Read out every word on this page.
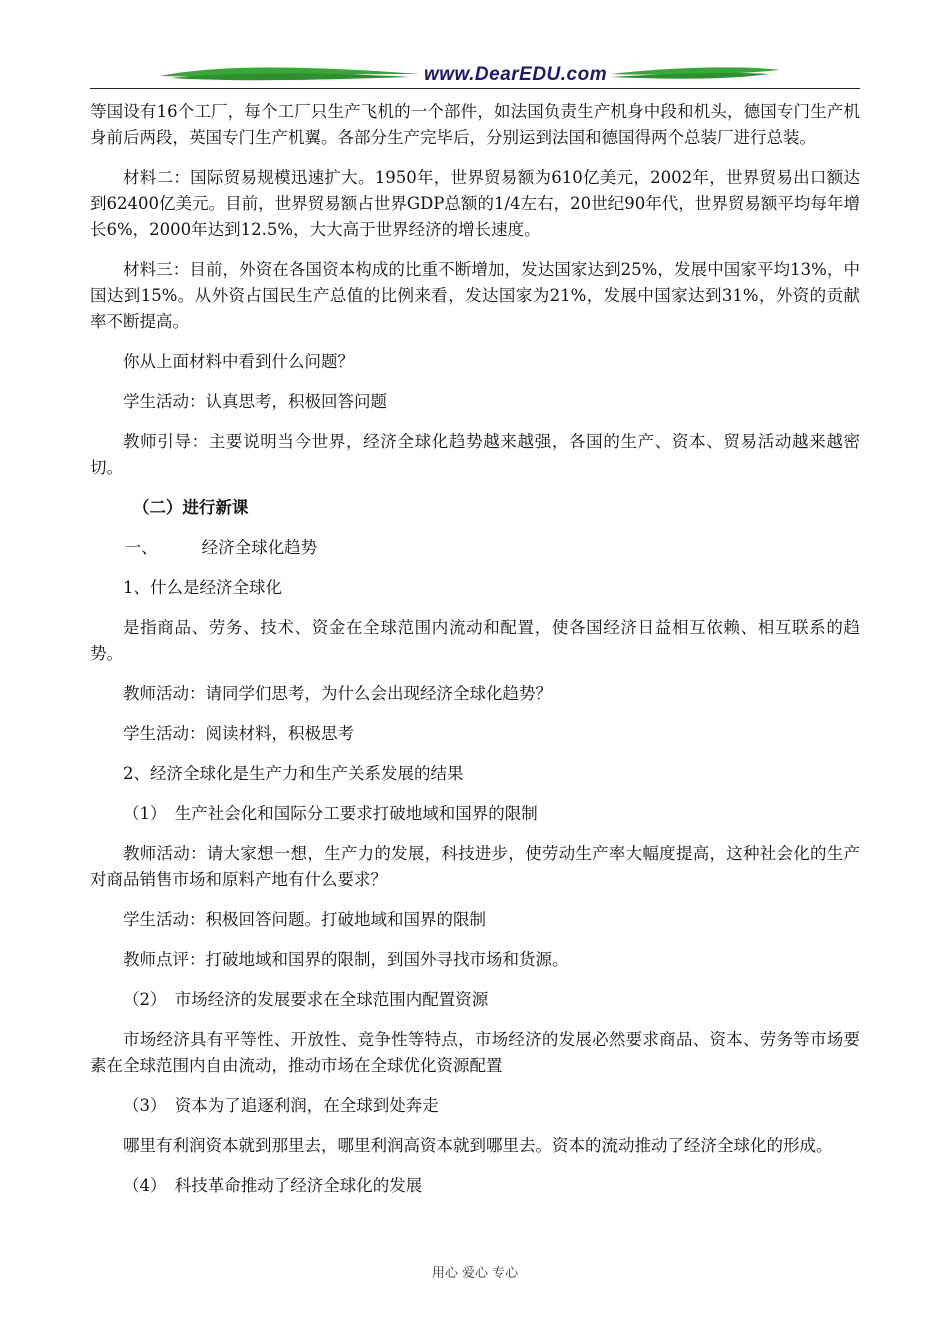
www.DearEDU.com

等国设有16个工厂，每个工厂只生产飞机的一个部件，如法国负责生产机身中段和机头，德国专门生产机身前后两段，英国专门生产机翼。各部分生产完毕后，分别运到法国和德国得两个总装厂进行总装。

材料二：国际贸易规模迅速扩大。1950年，世界贸易额为610亿美元，2002年，世界贸易出口额达到62400亿美元。目前，世界贸易额占世界GDP总额的1/4左右，20世纪90年代，世界贸易额平均每年增长6%，2000年达到12.5%，大大高于世界经济的增长速度。

材料三：目前，外资在各国资本构成的比重不断增加，发达国家达到25%，发展中国家平均13%，中国达到15%。从外资占国民生产总值的比例来看，发达国家为21%，发展中国家达到31%，外资的贡献率不断提高。

你从上面材料中看到什么问题？

学生活动：认真思考，积极回答问题

教师引导：主要说明当今世界，经济全球化趋势越来越强，各国的生产、资本、贸易活动越来越密切。

（二）进行新课

一、	经济全球化趋势

1、什么是经济全球化

是指商品、劳务、技术、资金在全球范围内流动和配置，使各国经济日益相互依赖、相互联系的趋势。

教师活动：请同学们思考，为什么会出现经济全球化趋势？

学生活动：阅读材料，积极思考

2、经济全球化是生产力和生产关系发展的结果

（1）　生产社会化和国际分工要求打破地域和国界的限制

教师活动：请大家想一想，生产力的发展，科技进步，使劳动生产率大幅度提高，这种社会化的生产对商品销售市场和原料产地有什么要求？

学生活动：积极回答问题。打破地域和国界的限制

教师点评：打破地域和国界的限制，到国外寻找市场和货源。

（2）　市场经济的发展要求在全球范围内配置资源

市场经济具有平等性、开放性、竞争性等特点，市场经济的发展必然要求商品、资本、劳务等市场要素在全球范围内自由流动，推动市场在全球优化资源配置

（3）　资本为了追逐利润，在全球到处奔走

哪里有利润资本就到那里去，哪里利润高资本就到哪里去。资本的流动推动了经济全球化的形成。

（4）　科技革命推动了经济全球化的发展

用心 爱心 专心
